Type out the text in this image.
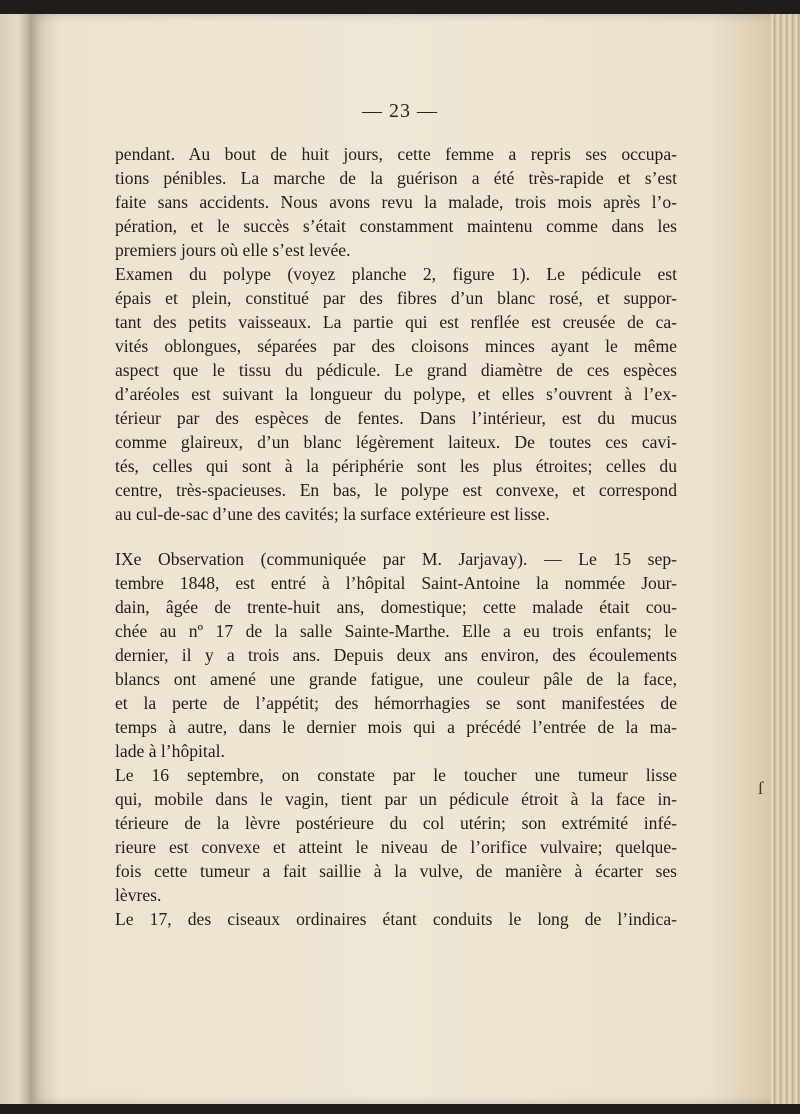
— 23 —
pendant. Au bout de huit jours, cette femme a repris ses occupa-
tions pénibles. La marche de la guérison a été très-rapide et s’est
faite sans accidents. Nous avons revu la malade, trois mois après l’o-
pération, et le succès s’était constamment maintenu comme dans les
premiers jours où elle s’est levée.
Examen du polype (voyez planche 2, figure 1). Le pédicule est
épais et plein, constitué par des fibres d’un blanc rosé, et suppor-
tant des petits vaisseaux. La partie qui est renflée est creusée de ca-
vités oblongues, séparées par des cloisons minces ayant le même
aspect que le tissu du pédicule. Le grand diamètre de ces espèces
d’aréoles est suivant la longueur du polype, et elles s’ouvrent à l’ex-
térieur par des espèces de fentes. Dans l’intérieur, est du mucus
comme glaireux, d’un blanc légèrement laiteux. De toutes ces cavi-
tés, celles qui sont à la périphérie sont les plus étroites; celles du
centre, très-spacieuses. En bas, le polype est convexe, et correspond
au cul-de-sac d’une des cavités; la surface extérieure est lisse.
IXe Observation (communiquée par M. Jarjavay). — Le 15 sep-
tembre 1848, est entré à l’hôpital Saint-Antoine la nommée Jour-
dain, âgée de trente-huit ans, domestique; cette malade était cou-
chée au nº 17 de la salle Sainte-Marthe. Elle a eu trois enfants; le
dernier, il y a trois ans. Depuis deux ans environ, des écoulements
blancs ont amené une grande fatigue, une couleur pâle de la face,
et la perte de l’appétit; des hémorrhagies se sont manifestées de
temps à autre, dans le dernier mois qui a précédé l’entrée de la ma-
lade à l’hôpital.
Le 16 septembre, on constate par le toucher une tumeur lisse
qui, mobile dans le vagin, tient par un pédicule étroit à la face in-
térieure de la lèvre postérieure du col utérin; son extrémité infé-
rieure est convexe et atteint le niveau de l’orifice vulvaire; quelque-
fois cette tumeur a fait saillie à la vulve, de manière à écarter ses
lèvres.
Le 17, des ciseaux ordinaires étant conduits le long de l’indica-
ſ
